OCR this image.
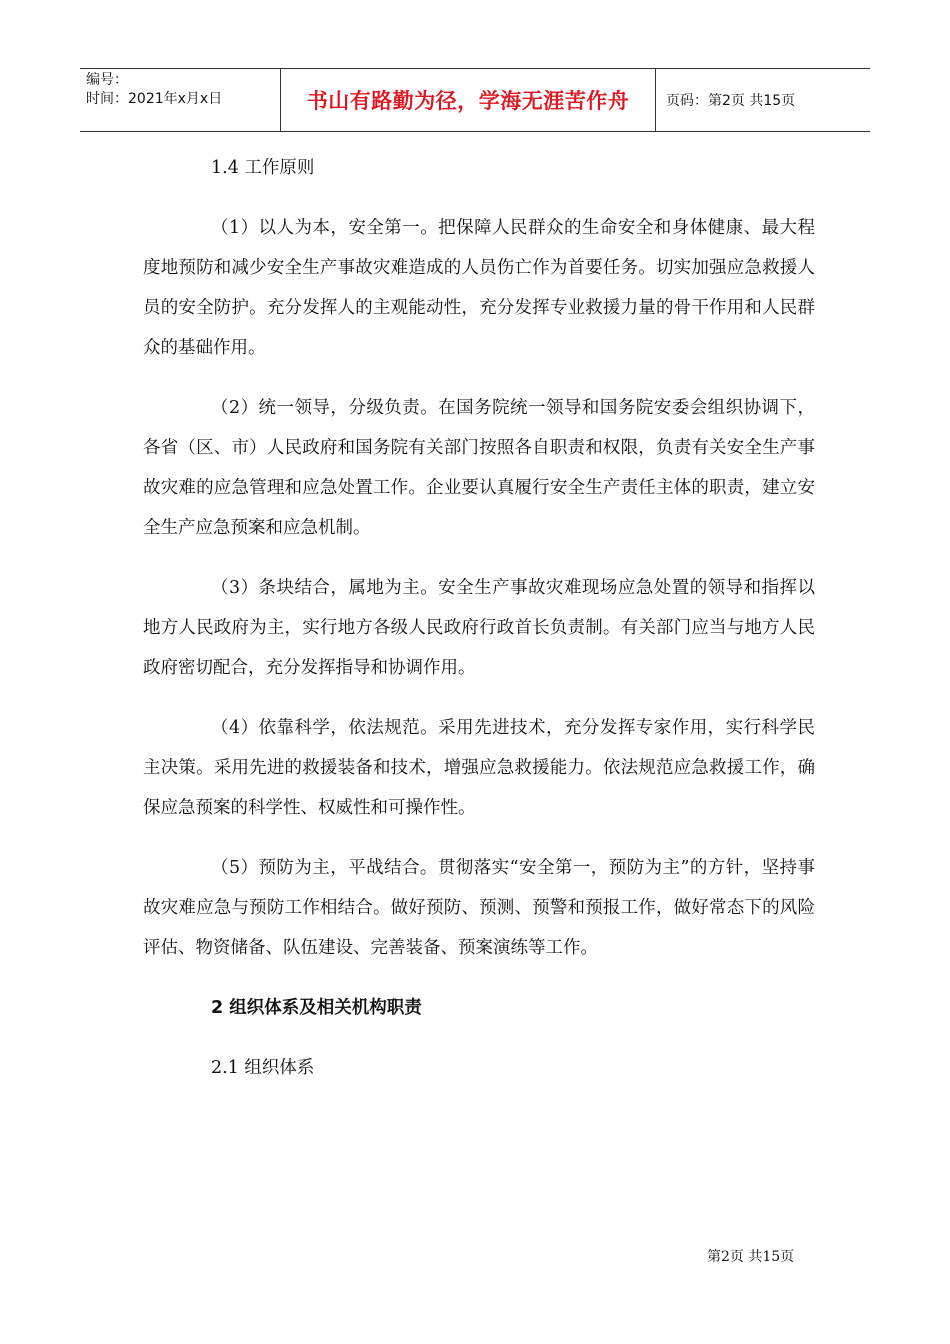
编号：
时间：2021年x月x日	书山有路勤为径，学海无涯苦作舟	页码：第2页 共15页
1.4 工作原则

（1）以人为本，安全第一。把保障人民群众的生命安全和身体健康、最大程度地预防和减少安全生产事故灾难造成的人员伤亡作为首要任务。切实加强应急救援人员的安全防护。充分发挥人的主观能动性，充分发挥专业救援力量的骨干作用和人民群众的基础作用。

（2）统一领导，分级负责。在国务院统一领导和国务院安委会组织协调下，各省（区、市）人民政府和国务院有关部门按照各自职责和权限，负责有关安全生产事故灾难的应急管理和应急处置工作。企业要认真履行安全生产责任主体的职责，建立安全生产应急预案和应急机制。

（3）条块结合，属地为主。安全生产事故灾难现场应急处置的领导和指挥以地方人民政府为主，实行地方各级人民政府行政首长负责制。有关部门应当与地方人民政府密切配合，充分发挥指导和协调作用。

（4）依靠科学，依法规范。采用先进技术，充分发挥专家作用，实行科学民主决策。采用先进的救援装备和技术，增强应急救援能力。依法规范应急救援工作，确保应急预案的科学性、权威性和可操作性。

（5）预防为主，平战结合。贯彻落实“安全第一，预防为主”的方针，坚持事故灾难应急与预防工作相结合。做好预防、预测、预警和预报工作，做好常态下的风险评估、物资储备、队伍建设、完善装备、预案演练等工作。

2 组织体系及相关机构职责
2.1 组织体系
第2页 共15页
